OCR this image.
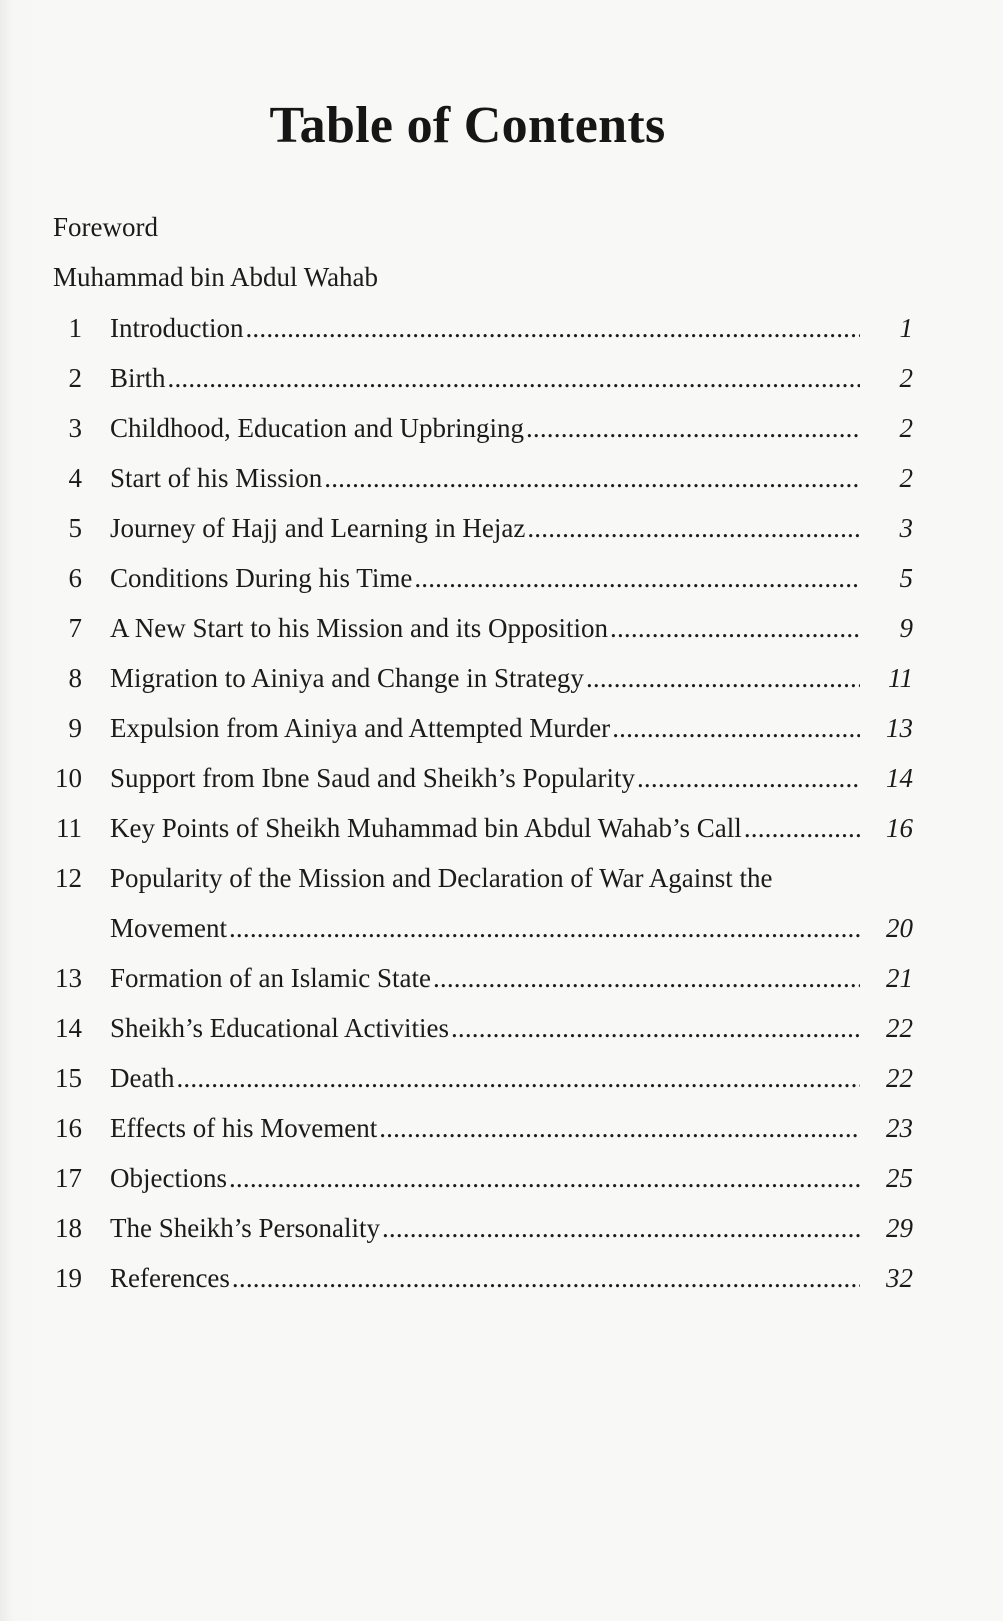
Table of Contents
Foreword
Muhammad bin Abdul Wahab
1 Introduction .....	1
2 Birth .....	2
3 Childhood, Education and Upbringing .....	2
4 Start of his Mission .....	2
5 Journey of Hajj and Learning in Hejaz .....	3
6 Conditions During his Time .....	5
7 A New Start to his Mission and its Opposition .....	9
8 Migration to Ainiya and Change in Strategy .....	11
9 Expulsion from Ainiya and Attempted Murder .....	13
10 Support from Ibne Saud and Sheikh’s Popularity .....	14
11 Key Points of Sheikh Muhammad bin Abdul Wahab’s Call .....	16
12 Popularity of the Mission and Declaration of War Against the
Movement .....	20
13 Formation of an Islamic State .....	21
14 Sheikh’s Educational Activities .....	22
15 Death .....	22
16 Effects of his Movement .....	23
17 Objections .....	25
18 The Sheikh’s Personality .....	29
19 References .....	32
